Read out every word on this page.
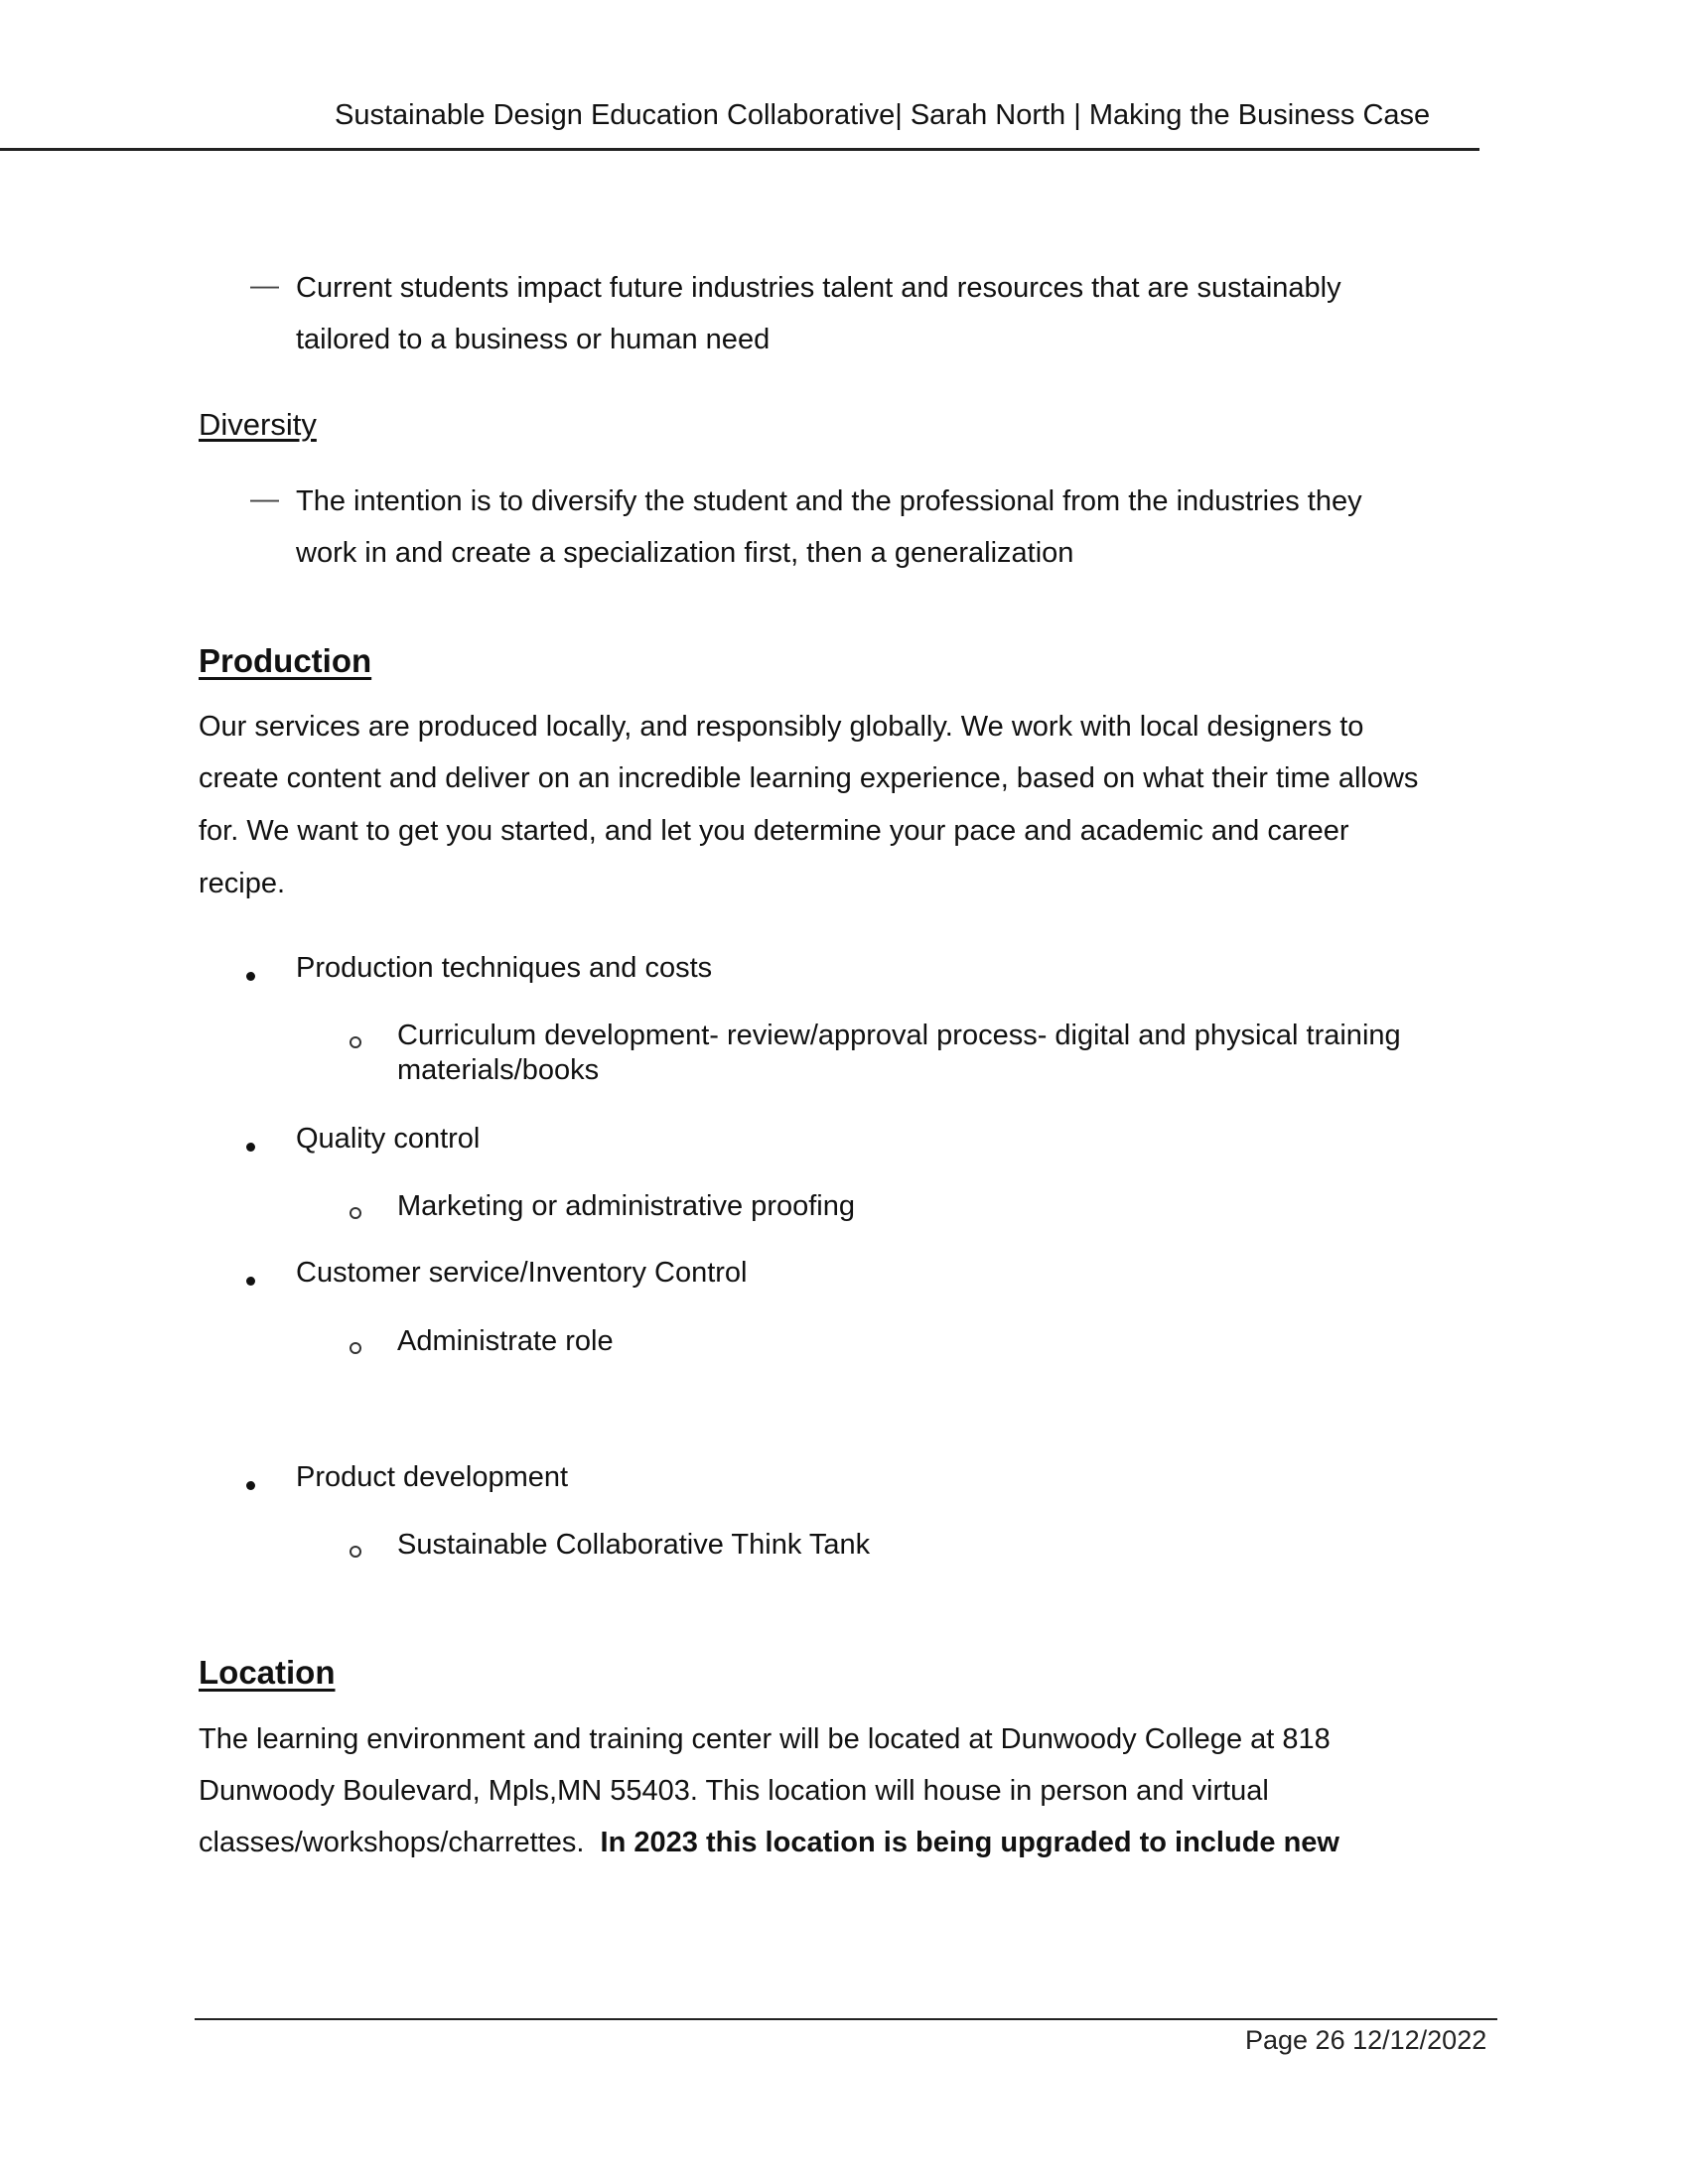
Sustainable Design Education Collaborative| Sarah North | Making the Business Case
— Current students impact future industries talent and resources that are sustainably
tailored to a business or human need
Diversity
— The intention is to diversify the student and the professional from the industries they
work in and create a specialization first, then a generalization
Production
Our services are produced locally, and responsibly globally. We work with local designers to
create content and deliver on an incredible learning experience, based on what their time allows
for. We want to get you started, and let you determine your pace and academic and career
recipe.
Production techniques and costs
Curriculum development- review/approval process- digital and physical training
materials/books
Quality control
Marketing or administrative proofing
Customer service/Inventory Control
Administrate role
Product development
Sustainable Collaborative Think Tank
Location
The learning environment and training center will be located at Dunwoody College at 818
Dunwoody Boulevard, Mpls,MN 55403. This location will house in person and virtual
classes/workshops/charrettes.  In 2023 this location is being upgraded to include new
Page 26 12/12/2022
